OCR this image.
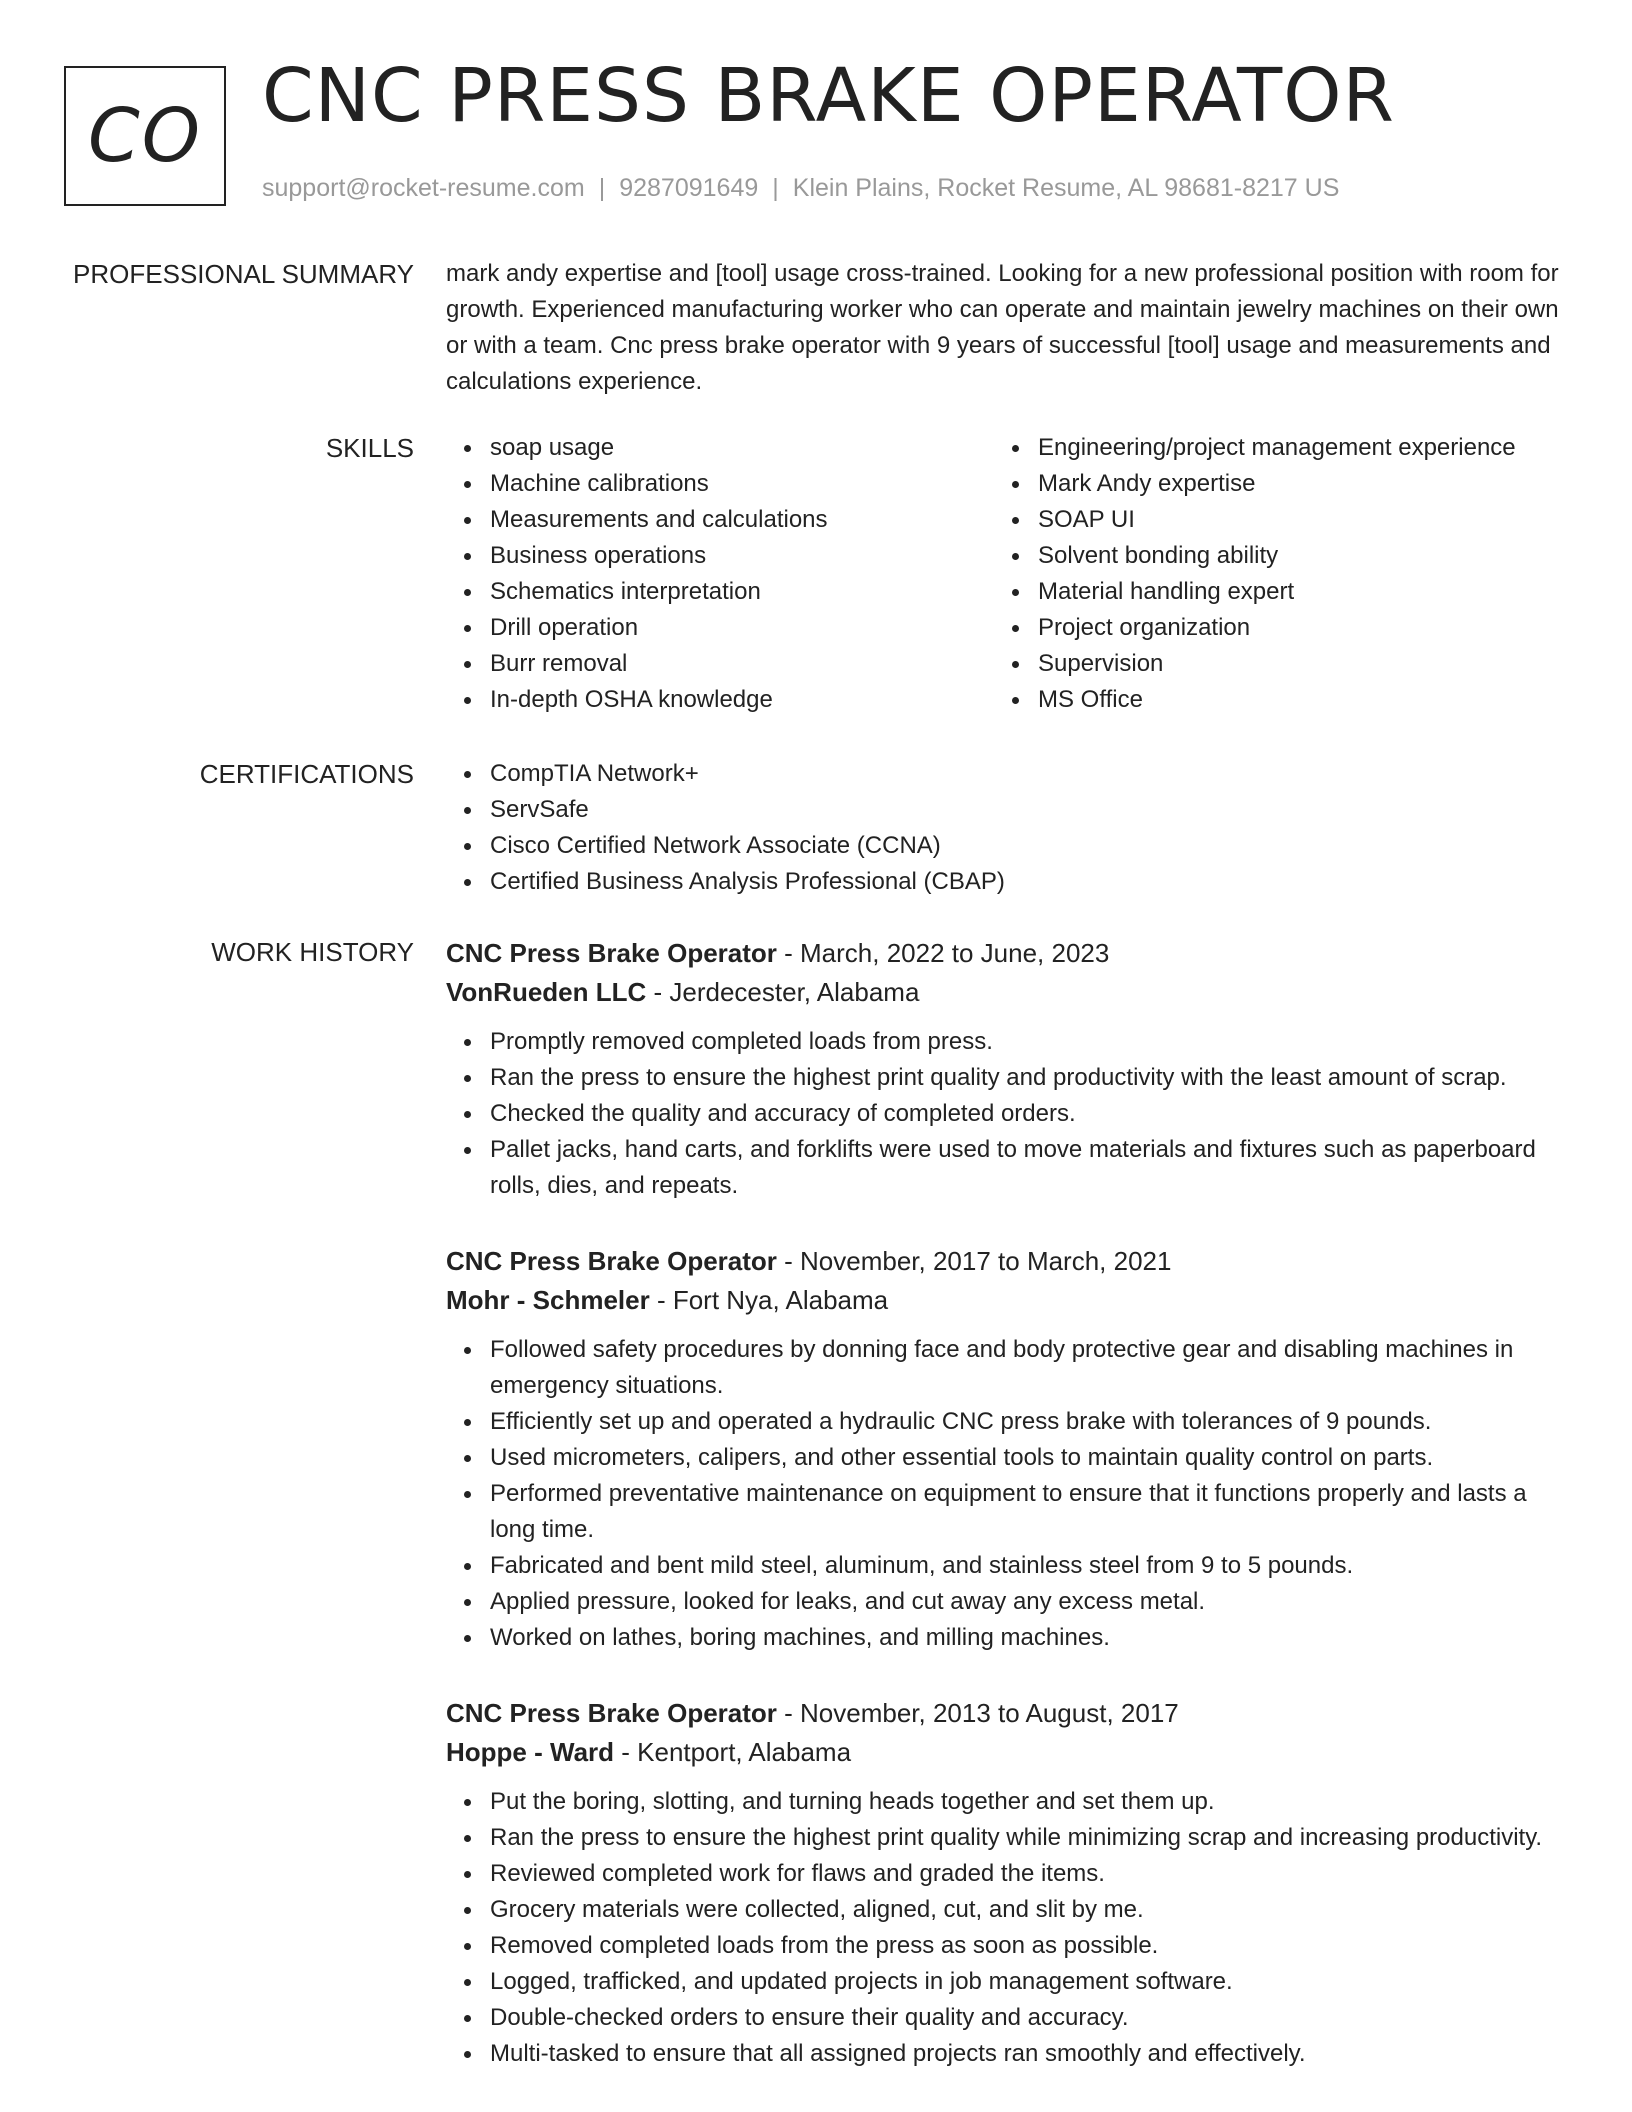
CO CNC PRESS BRAKE OPERATOR
support@rocket-resume.com | 9287091649 | Klein Plains, Rocket Resume, AL 98681-8217 US
PROFESSIONAL SUMMARY mark andy expertise and [tool] usage cross-trained. Looking for a new professional position with room for growth. Experienced manufacturing worker who can operate and maintain jewelry machines on their own or with a team. Cnc press brake operator with 9 years of successful [tool] usage and measurements and calculations experience.
SKILLS	soap usage
Machine calibrations
Measurements and calculations
Business operations
Schematics interpretation
Drill operation
Burr removal
In-depth OSHA knowledge
Engineering/project management experience
Mark Andy expertise
SOAP UI
Solvent bonding ability
Material handling expert
Project organization
Supervision
MS Office
CERTIFICATIONS	CompTIA Network+
ServSafe
Cisco Certified Network Associate (CCNA)
Certified Business Analysis Professional (CBAP)
WORK HISTORY CNC Press Brake Operator - March, 2022 to June, 2023
VonRueden LLC - Jerdecester, Alabama
Promptly removed completed loads from press.
Ran the press to ensure the highest print quality and productivity with the least amount of scrap.
Checked the quality and accuracy of completed orders.
Pallet jacks, hand carts, and forklifts were used to move materials and fixtures such as paperboard rolls, dies, and repeats.
CNC Press Brake Operator - November, 2017 to March, 2021
Mohr - Schmeler - Fort Nya, Alabama
Followed safety procedures by donning face and body protective gear and disabling machines in emergency situations.
Efficiently set up and operated a hydraulic CNC press brake with tolerances of 9 pounds.
Used micrometers, calipers, and other essential tools to maintain quality control on parts.
Performed preventative maintenance on equipment to ensure that it functions properly and lasts a long time.
Fabricated and bent mild steel, aluminum, and stainless steel from 9 to 5 pounds.
Applied pressure, looked for leaks, and cut away any excess metal.
Worked on lathes, boring machines, and milling machines.
CNC Press Brake Operator - November, 2013 to August, 2017
Hoppe - Ward - Kentport, Alabama
Put the boring, slotting, and turning heads together and set them up.
Ran the press to ensure the highest print quality while minimizing scrap and increasing productivity.
Reviewed completed work for flaws and graded the items.
Grocery materials were collected, aligned, cut, and slit by me.
Removed completed loads from the press as soon as possible.
Logged, trafficked, and updated projects in job management software.
Double-checked orders to ensure their quality and accuracy.
Multi-tasked to ensure that all assigned projects ran smoothly and effectively.
